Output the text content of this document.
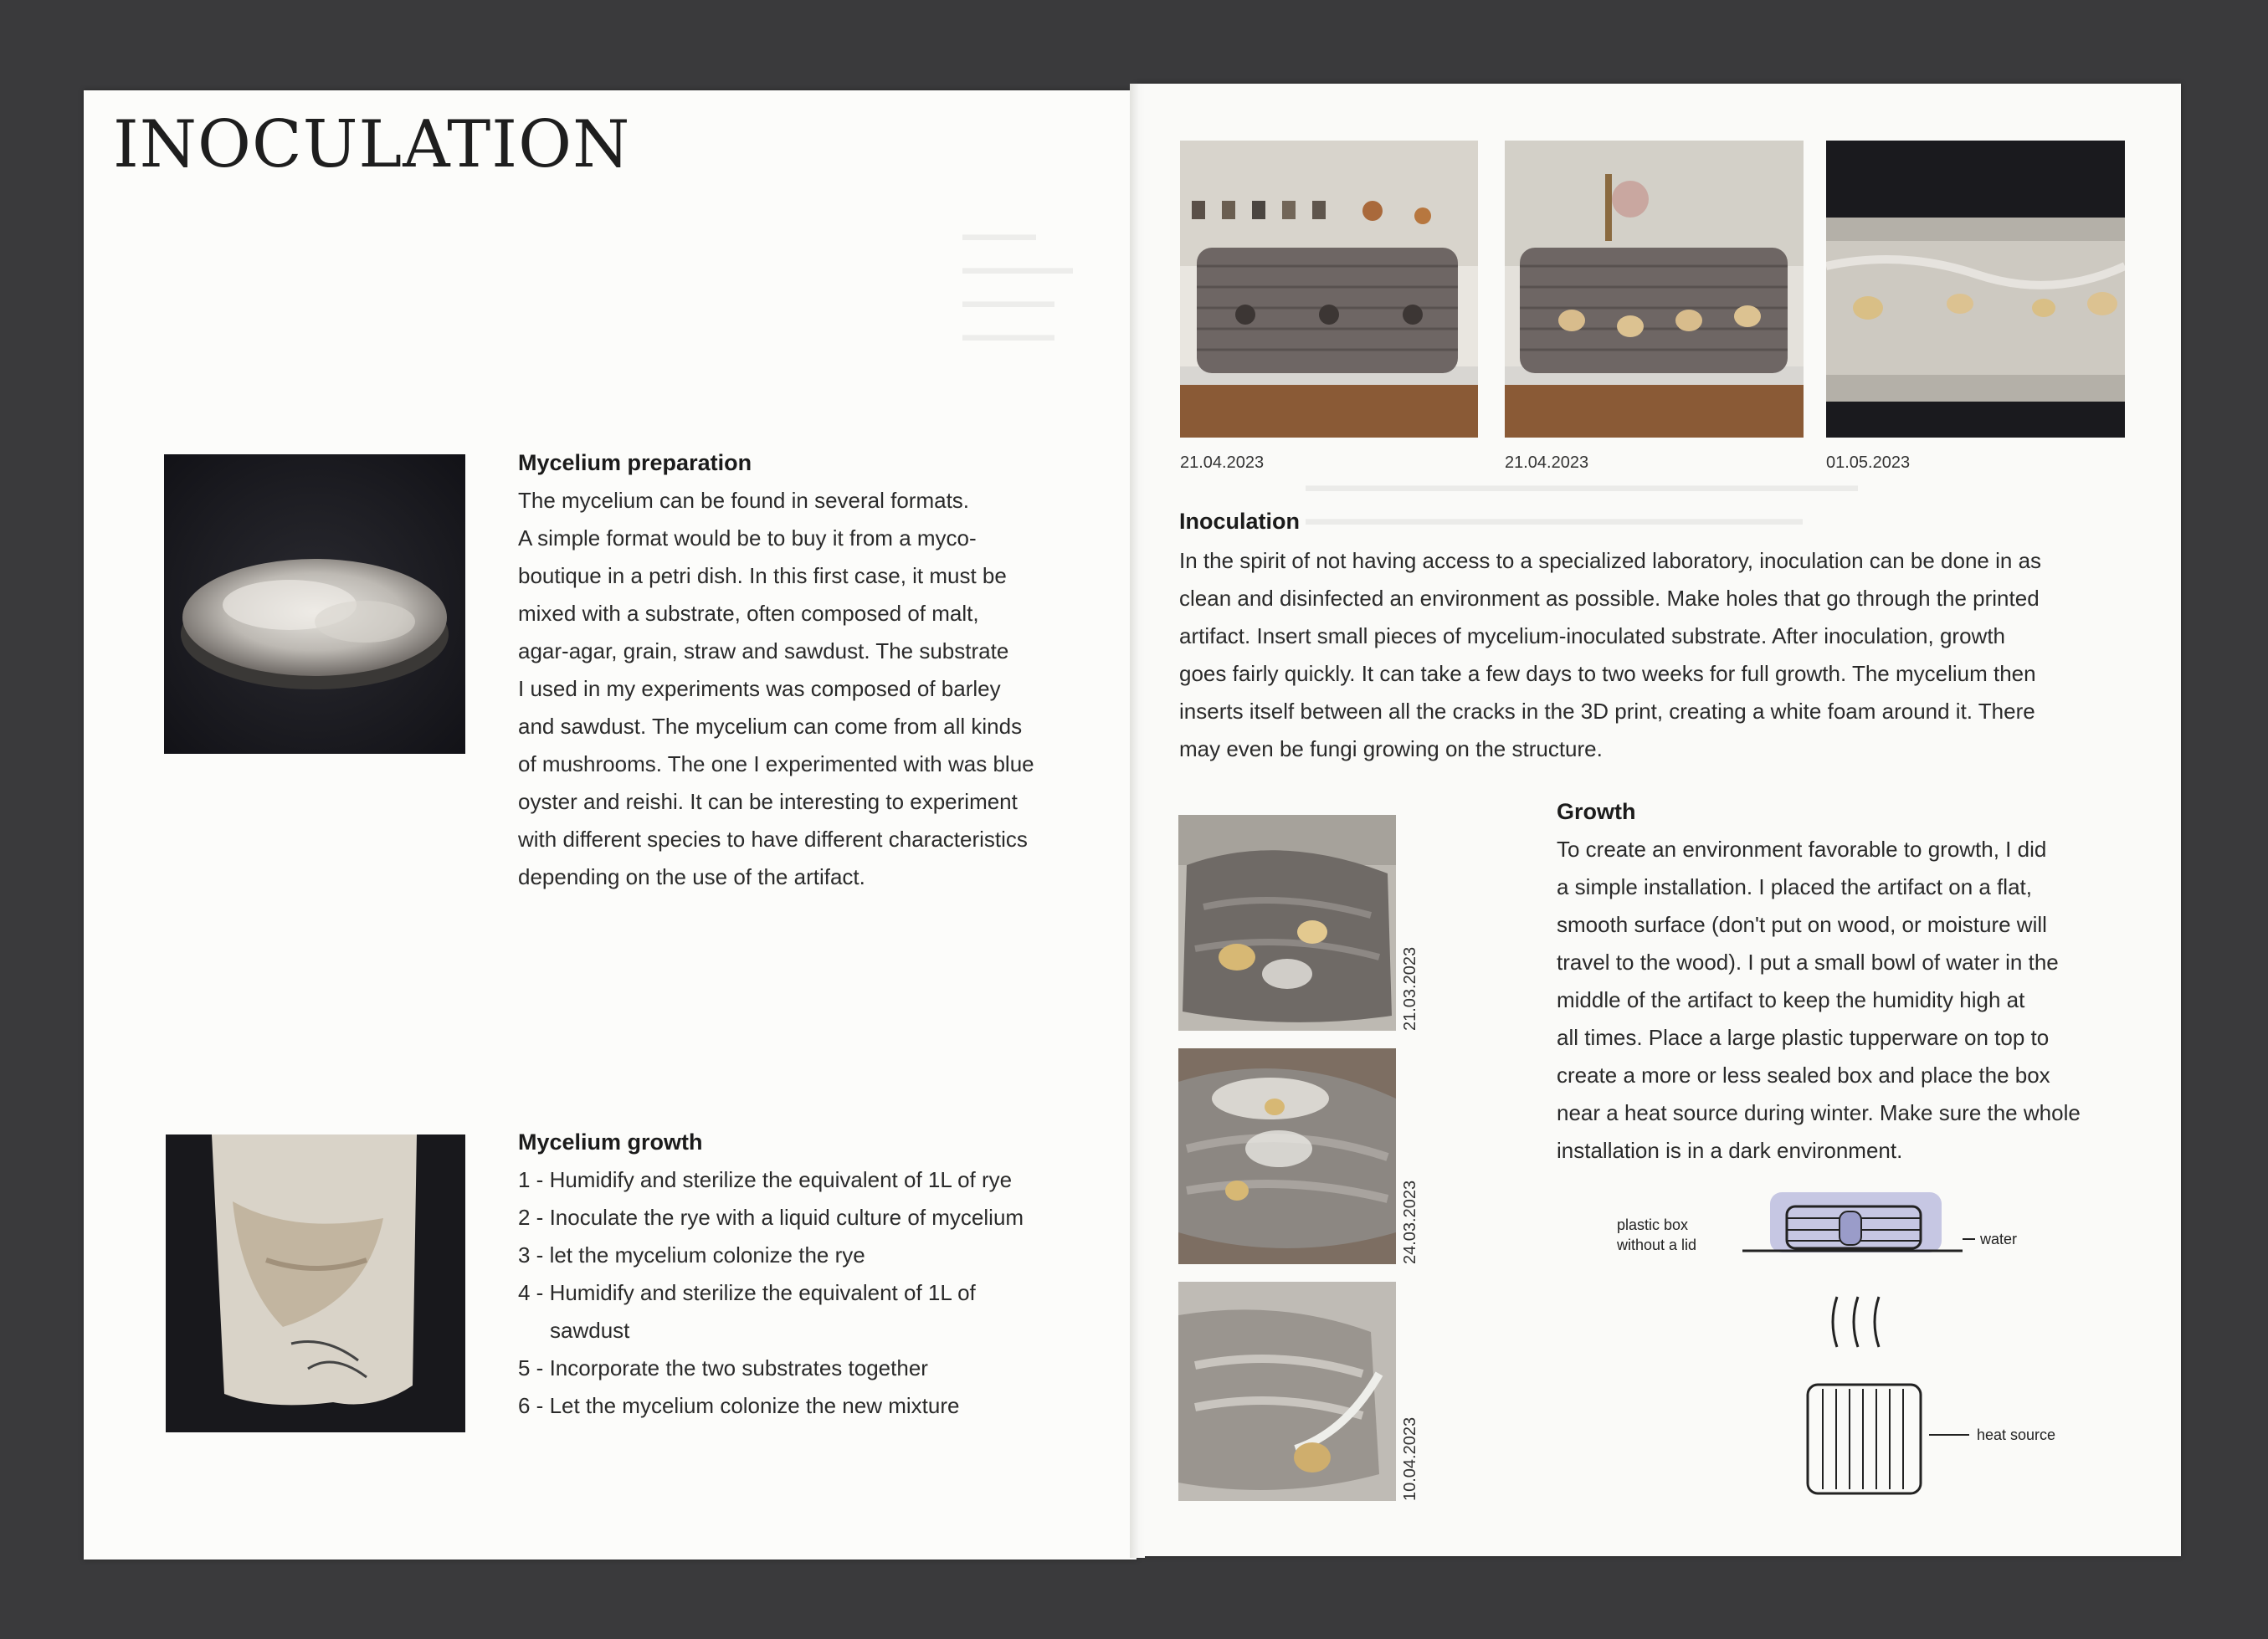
▬▬▬▬
▬▬▬▬▬▬
▬▬▬▬▬
▬▬▬▬▬
▬▬▬▬▬▬▬▬▬▬▬▬▬▬▬▬▬▬▬▬▬▬▬▬▬▬▬▬▬▬
▬▬▬▬▬▬▬▬▬▬▬▬▬▬▬▬▬▬▬▬▬▬▬▬▬▬▬
INOCULATION
Mycelium preparation
The mycelium can be found in several formats.
A simple format would be to buy it from a myco-
boutique in a petri dish. In this first case, it must be
mixed with a substrate, often composed of malt,
agar-agar, grain, straw and sawdust. The substrate
I used in my experiments was composed of barley
and sawdust. The mycelium can come from all kinds
of mushrooms. The one I experimented with was blue
oyster and reishi. It can be interesting to experiment
with different species to have different characteristics
depending on the use of the artifact.
Mycelium growth
1 - Humidify and sterilize the equivalent of 1L of rye
2 - Inoculate the rye with a liquid culture of mycelium
3 - let the mycelium colonize the rye
4 - Humidify and sterilize the equivalent of 1L of sawdust
5 - Incorporate the two substrates together
6 - Let the mycelium colonize the new mixture
21.04.2023	21.04.2023	01.05.2023
Inoculation
In the spirit of not having access to a specialized laboratory, inoculation can be done in as
clean and disinfected an environment as possible. Make holes that go through the printed
artifact. Insert small pieces of mycelium-inoculated substrate. After inoculation, growth
goes fairly quickly. It can take a few days to two weeks for full growth. The mycelium then
inserts itself between all the cracks in the 3D print, creating a white foam around it. There
may even be fungi growing on the structure.
21.03.2023
24.03.2023
10.04.2023
Growth
To create an environment favorable to growth, I did
a simple installation. I placed the artifact on a flat,
smooth surface (don't put on wood, or moisture will
travel to the wood). I put a small bowl of water in the
middle of the artifact to keep the humidity high at
all times. Place a large plastic tupperware on top to
create a more or less sealed box and place the box
near a heat source during winter. Make sure the whole
installation is in a dark environment.
plastic box
without a lid	water
heat source
